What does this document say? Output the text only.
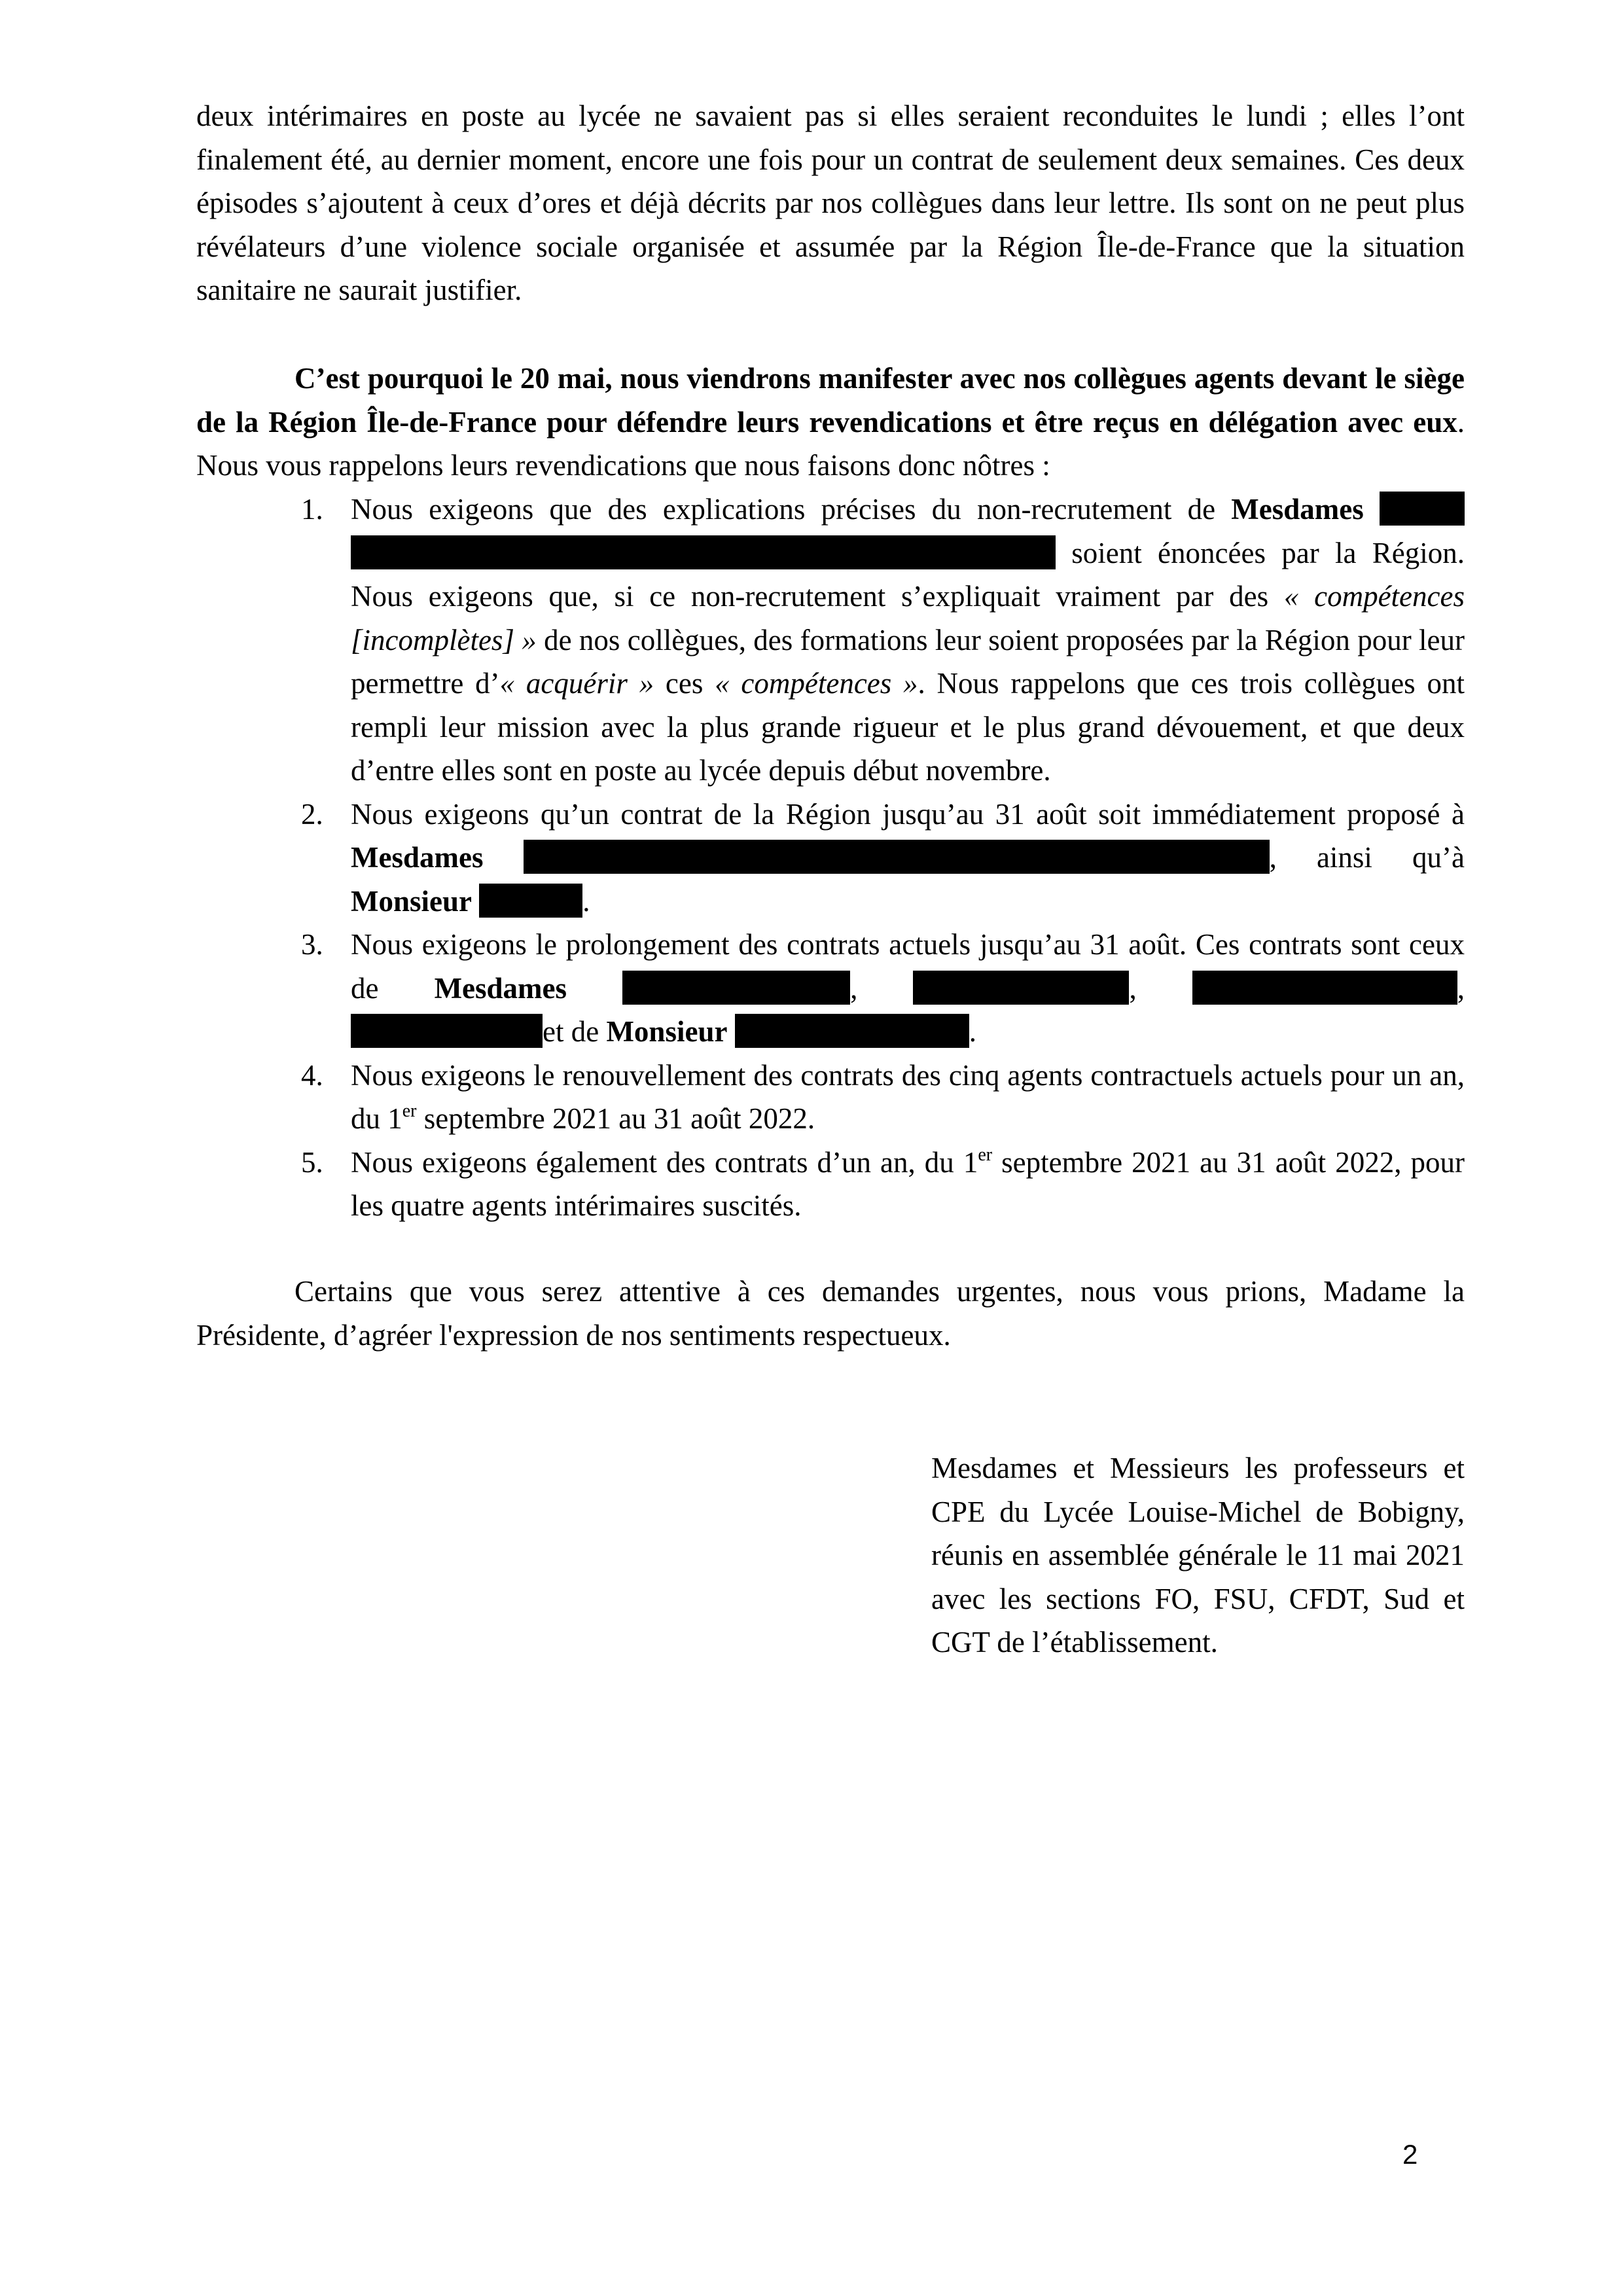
deux intérimaires en poste au lycée ne savaient pas si elles seraient reconduites le lundi ; elles l’ont finalement été, au dernier moment, encore une fois pour un contrat de seulement deux semaines. Ces deux épisodes s’ajoutent à ceux d’ores et déjà décrits par nos collègues dans leur lettre. Ils sont on ne peut plus révélateurs d’une violence sociale organisée et assumée par la Région Île-de-France que la situation sanitaire ne saurait justifier.

C’est pourquoi le 20 mai, nous viendrons manifester avec nos collègues agents devant le siège de la Région Île-de-France pour défendre leurs revendications et être reçus en délégation avec eux. Nous vous rappelons leurs revendications que nous faisons donc nôtres :

1. Nous exigeons que des explications précises du non-recrutement de Mesdames   soient énoncées par la Région. Nous exigeons que, si ce non-recrutement s’expliquait vraiment par des « compétences [incomplètes] » de nos collègues, des formations leur soient proposées par la Région pour leur permettre d’« acquérir » ces « compétences ». Nous rappelons que ces trois collègues ont rempli leur mission avec la plus grande rigueur et le plus grand dévouement, et que deux d’entre elles sont en poste au lycée depuis début novembre.
2. Nous exigeons qu’un contrat de la Région jusqu’au 31 août soit immédiatement proposé à Mesdames	, ainsi qu’à Monsieur	.
3. Nous exigeons le prolongement des contrats actuels jusqu’au 31 août. Ces contrats sont ceux de Mesdames	,	,	, et de Monsieur	.
4. Nous exigeons le renouvellement des contrats des cinq agents contractuels actuels pour un an, du 1er septembre 2021 au 31 août 2022.
5. Nous exigeons également des contrats d’un an, du 1er septembre 2021 au 31 août 2022, pour les quatre agents intérimaires suscités.

Certains que vous serez attentive à ces demandes urgentes, nous vous prions, Madame la Présidente, d’agréer l'expression de nos sentiments respectueux.

Mesdames et Messieurs les professeurs et CPE du Lycée Louise-Michel de Bobigny, réunis en assemblée générale le 11 mai 2021 avec les sections FO, FSU, CFDT, Sud et CGT de l’établissement.

2
